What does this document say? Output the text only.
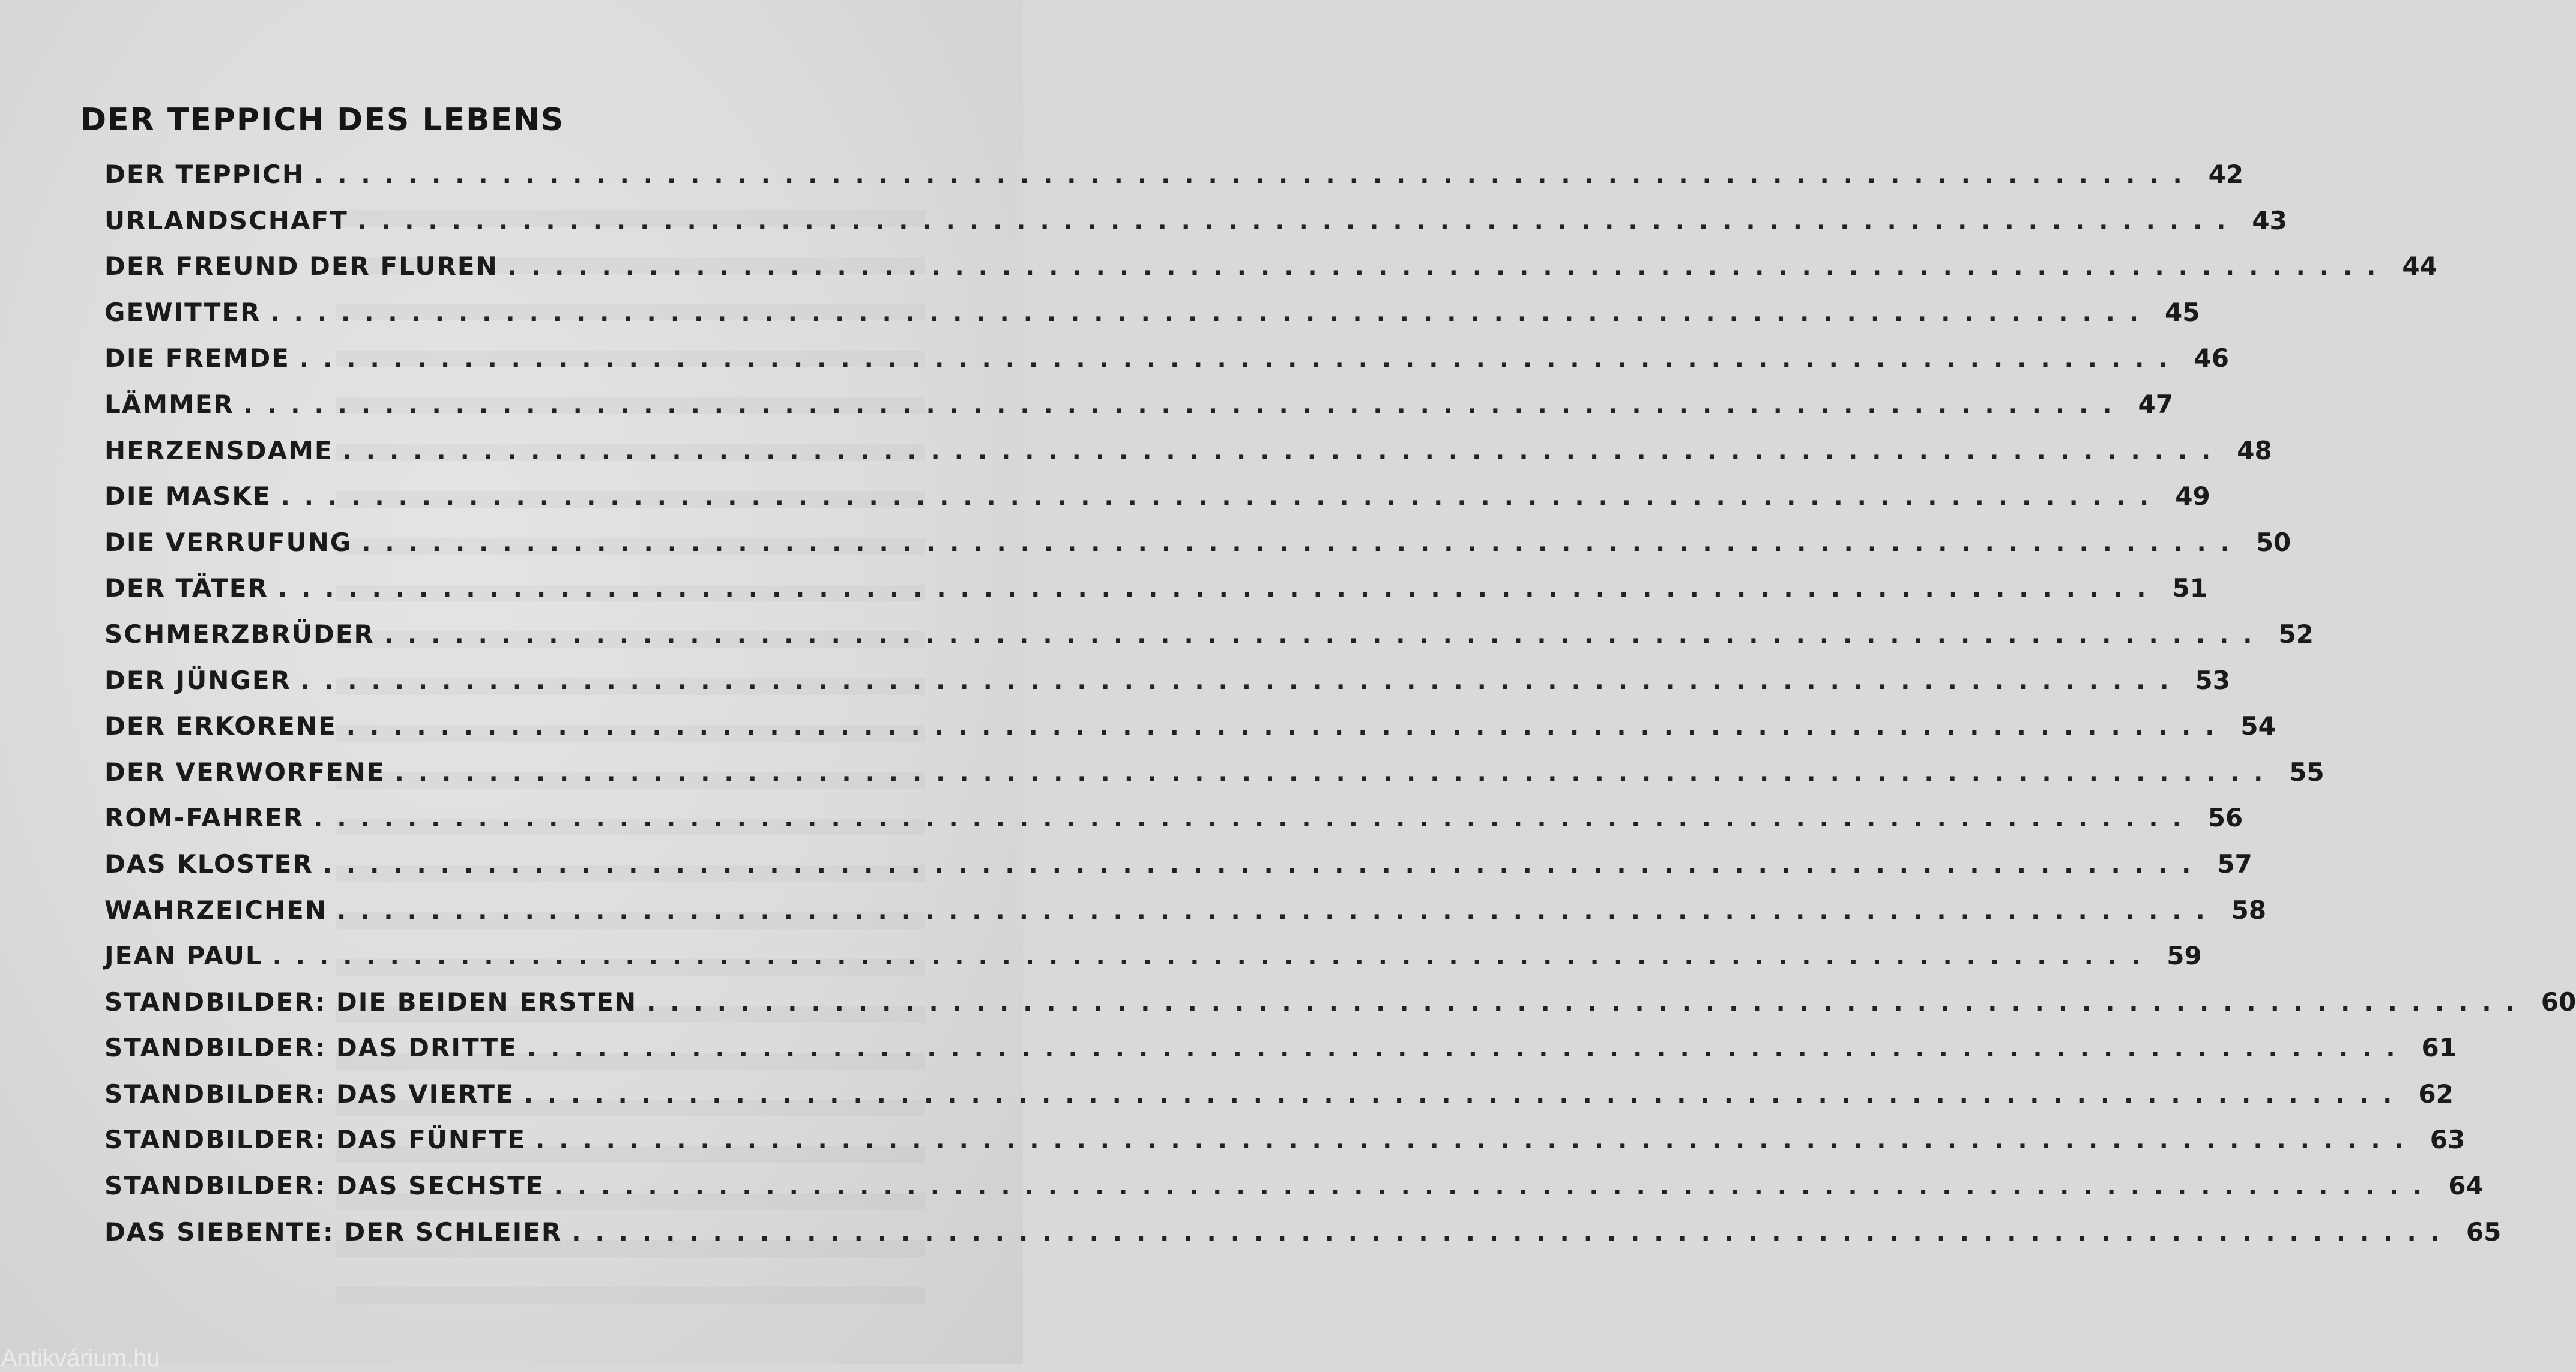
DER TEPPICH DES LEBENS
DER TEPPICH ................................................................................ 42
URLANDSCHAFT ................................................................................ 43
DER FREUND DER FLUREN ................................................................................ 44
GEWITTER ................................................................................ 45
DIE FREMDE ................................................................................ 46
LÄMMER ................................................................................ 47
HERZENSDAME ................................................................................ 48
DIE MASKE ................................................................................ 49
DIE VERRUFUNG ................................................................................ 50
DER TÄTER ................................................................................ 51
SCHMERZBRÜDER ................................................................................ 52
DER JÜNGER ................................................................................ 53
DER ERKORENE ................................................................................ 54
DER VERWORFENE ................................................................................ 55
ROM-FAHRER ................................................................................ 56
DAS KLOSTER ................................................................................ 57
WAHRZEICHEN ................................................................................ 58
JEAN PAUL ................................................................................ 59
STANDBILDER: DIE BEIDEN ERSTEN ................................................................................ 60
STANDBILDER: DAS DRITTE ................................................................................ 61
STANDBILDER: DAS VIERTE ................................................................................ 62
STANDBILDER: DAS FÜNFTE ................................................................................ 63
STANDBILDER: DAS SECHSTE ................................................................................ 64
DAS SIEBENTE: DER SCHLEIER ................................................................................ 65
Antikvárium.hu
